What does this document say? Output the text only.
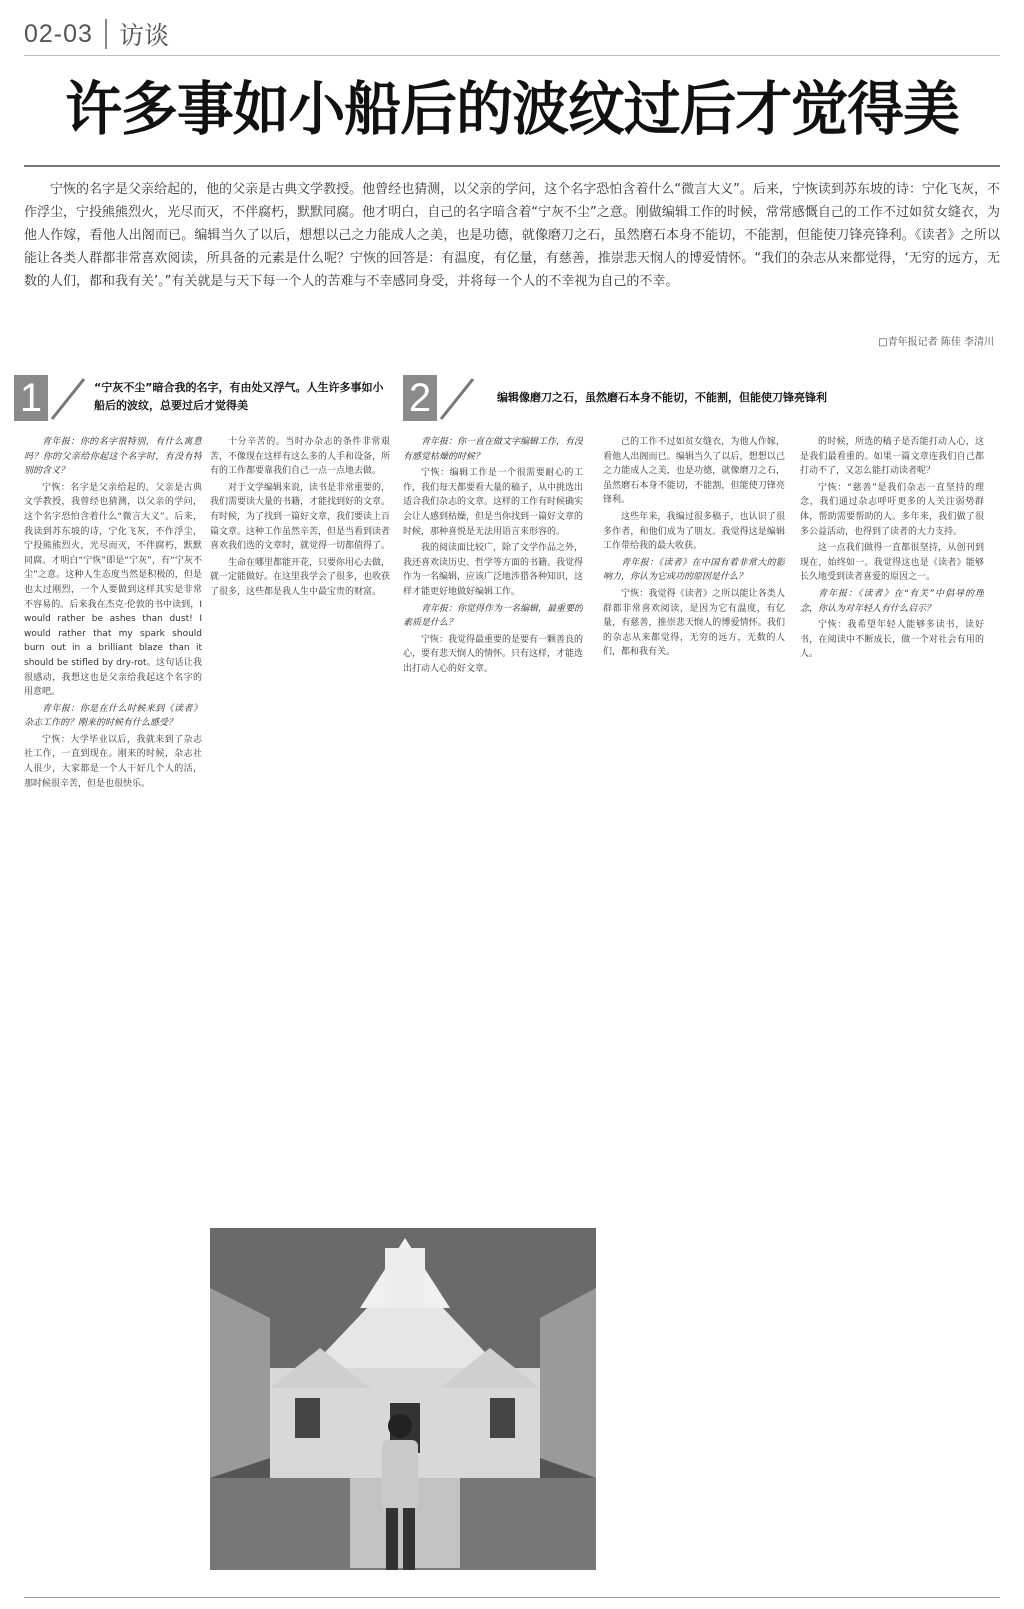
02-03 访谈
许多事如小船后的波纹过后才觉得美

宁恢的名字是父亲给起的，他的父亲是古典文学教授。他曾经也猜测，以父亲的学问，这个名字恐怕含着什么“微言大义”。后来，宁恢读到苏东坡的诗：宁化飞灰，不作浮尘，宁投熊熊烈火，光尽而灭，不伴腐朽，默默同腐。他才明白，自己的名字暗含着“宁灰不尘”之意。刚做编辑工作的时候，常常感慨自己的工作不过如贫女缝衣，为他人作嫁，看他人出阁而已。编辑当久了以后，想想以己之力能成人之美，也是功德，就像磨刀之石，虽然磨石本身不能切，不能割，但能使刀锋亮锋利。《读者》之所以能让各类人群都非常喜欢阅读，所具备的元素是什么呢？宁恢的回答是：有温度，有亿量，有慈善，推崇悲天悯人的博爱情怀。“我们的杂志从来都觉得，‘无穷的远方，无数的人们，都和我有关’。”有关就是与天下每一个人的苦难与不幸感同身受，并将每一个人的不幸视为自己的不幸。

□青年报记者 陈佳 李清川
1	“宁灰不尘”暗合我的名字，有由处又浮气。人生许多事如小船后的波纹，总要过后才觉得美	2	编辑像磨刀之石，虽然磨石本身不能切，不能割，但能使刀锋亮锋利

青年报：你的名字很特别，有什么寓意吗？你的父亲给你起这个名字时，有没有特别的含义？

宁恢：名字是父亲给起的，父亲是古典文学教授，我曾经也猜测，以父亲的学问，这个名字恐怕含着什么“微言大义”。后来，我读到苏东坡的诗，宁化飞灰，不作浮尘，宁投熊熊烈火，光尽而灭，不伴腐朽，默默同腐。才明白“宁恢”即是“宁灰”，有“宁灰不尘”之意。这种人生态度当然是积极的，但是也太过刚烈，一个人要做到这样其实是非常不容易的。后来我在杰克·伦敦的书中读到，I would rather be ashes than dust! I would rather that my spark should burn out in a brilliant blaze than it should be stifled by dry-rot。这句话让我很感动，我想这也是父亲给我起这个名字的用意吧。

青年报：你是在什么时候来到《读者》杂志工作的？刚来的时候有什么感受？

宁恢：大学毕业以后，我就来到了杂志社工作，一直到现在。刚来的时候，杂志社人很少，大家都是一个人干好几个人的活，那时候很辛苦，但是也很快乐。

十分辛苦的。当时办杂志的条件非常艰苦，不像现在这样有这么多的人手和设备，所有的工作都要靠我们自己一点一点地去做。

对于文学编辑来说，读书是非常重要的，我们需要读大量的书籍，才能找到好的文章。有时候，为了找到一篇好文章，我们要读上百篇文章。这种工作虽然辛苦，但是当看到读者喜欢我们选的文章时，就觉得一切都值得了。

生命在哪里都能开花，只要你用心去做，就一定能做好。在这里我学会了很多，也收获了很多，这些都是我人生中最宝贵的财富。

青年报：你一直在做文字编辑工作，有没有感觉枯燥的时候？

宁恢：编辑工作是一个很需要耐心的工作，我们每天都要看大量的稿子，从中挑选出适合我们杂志的文章。这样的工作有时候确实会让人感到枯燥，但是当你找到一篇好文章的时候，那种喜悦是无法用语言来形容的。

我的阅读面比较广，除了文学作品之外，我还喜欢读历史、哲学等方面的书籍。我觉得作为一名编辑，应该广泛地涉猎各种知识，这样才能更好地做好编辑工作。

青年报：你觉得作为一名编辑，最重要的素质是什么？

宁恢：我觉得最重要的是要有一颗善良的心，要有悲天悯人的情怀。只有这样，才能选出打动人心的好文章。

己的工作不过如贫女缝衣，为他人作嫁，看他人出阁而已。编辑当久了以后，想想以己之力能成人之美，也是功德，就像磨刀之石，虽然磨石本身不能切，不能割，但能使刀锋亮锋利。

这些年来，我编过很多稿子，也认识了很多作者，和他们成为了朋友。我觉得这是编辑工作带给我的最大收获。

青年报：《读者》在中国有着非常大的影响力，你认为它成功的原因是什么？

宁恢：我觉得《读者》之所以能让各类人群都非常喜欢阅读，是因为它有温度，有亿量，有慈善，推崇悲天悯人的博爱情怀。我们的杂志从来都觉得，无穷的远方，无数的人们，都和我有关。

的时候，所选的稿子是否能打动人心，这是我们最看重的。如果一篇文章连我们自己都打动不了，又怎么能打动读者呢？

宁恢：“慈善”是我们杂志一直坚持的理念，我们通过杂志呼吁更多的人关注弱势群体，帮助需要帮助的人。多年来，我们做了很多公益活动，也得到了读者的大力支持。

这一点我们做得一直都很坚持，从创刊到现在，始终如一。我觉得这也是《读者》能够长久地受到读者喜爱的原因之一。

青年报：《读者》在“有关”中倡导的理念，你认为对年轻人有什么启示？

宁恢：我希望年轻人能够多读书，读好书，在阅读中不断成长，做一个对社会有用的人。
